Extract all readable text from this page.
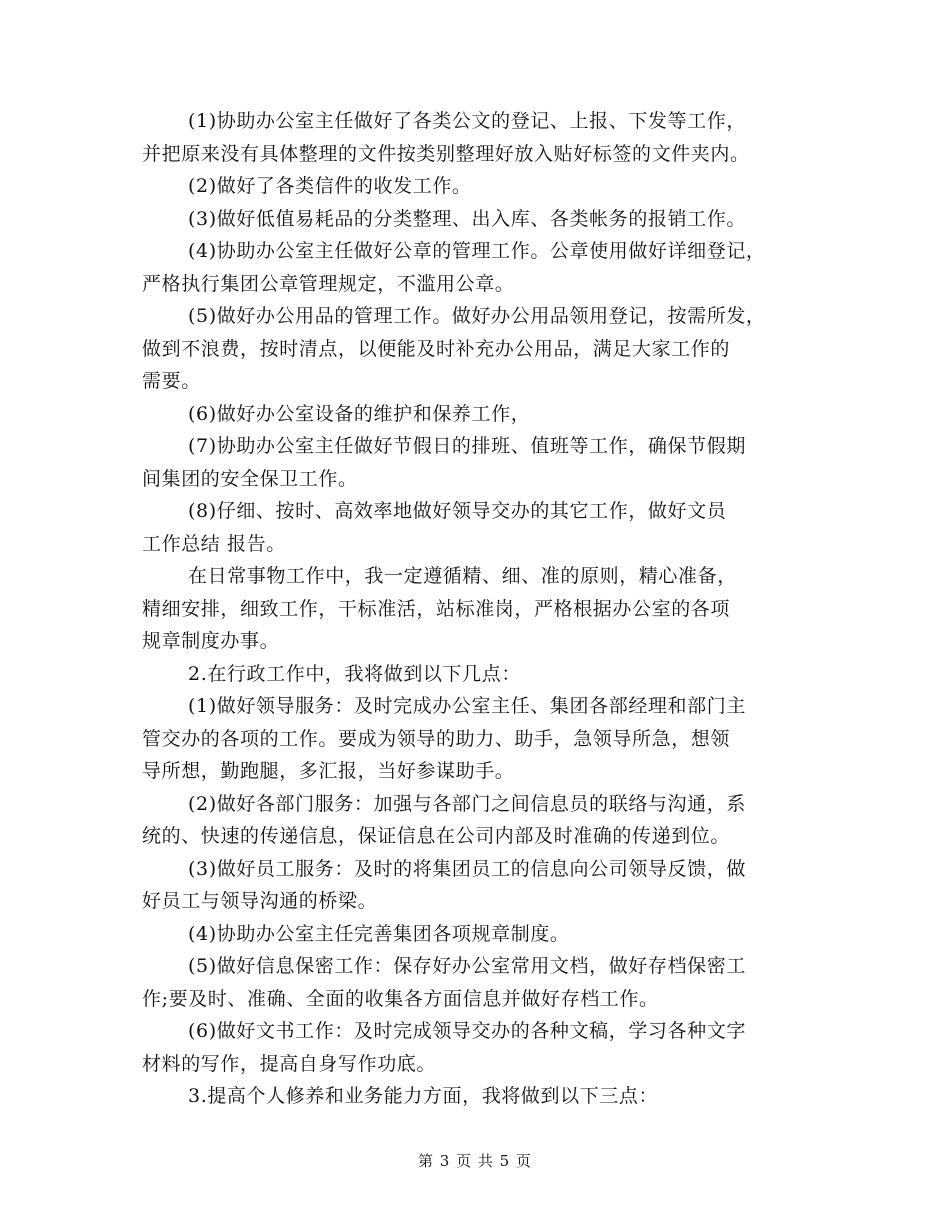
(1)协助办公室主任做好了各类公文的登记、上报、下发等工作，

并把原来没有具体整理的文件按类别整理好放入贴好标签的文件夹内。

(2)做好了各类信件的收发工作。

(3)做好低值易耗品的分类整理、出入库、各类帐务的报销工作。

(4)协助办公室主任做好公章的管理工作。公章使用做好详细登记，

严格执行集团公章管理规定，不滥用公章。

(5)做好办公用品的管理工作。做好办公用品领用登记，按需所发，

做到不浪费，按时清点，以便能及时补充办公用品，满足大家工作的

需要。

(6)做好办公室设备的维护和保养工作，

(7)协助办公室主任做好节假日的排班、值班等工作，确保节假期

间集团的安全保卫工作。

(8)仔细、按时、高效率地做好领导交办的其它工作，做好文员

工作总结 报告。

在日常事物工作中，我一定遵循精、细、准的原则，精心准备，

精细安排，细致工作，干标准活，站标准岗，严格根据办公室的各项

规章制度办事。

2.在行政工作中，我将做到以下几点：

(1)做好领导服务：及时完成办公室主任、集团各部经理和部门主

管交办的各项的工作。要成为领导的助力、助手，急领导所急，想领

导所想，勤跑腿，多汇报，当好参谋助手。

(2)做好各部门服务：加强与各部门之间信息员的联络与沟通，系

统的、快速的传递信息，保证信息在公司内部及时准确的传递到位。

(3)做好员工服务：及时的将集团员工的信息向公司领导反馈，做

好员工与领导沟通的桥梁。

(4)协助办公室主任完善集团各项规章制度。

(5)做好信息保密工作：保存好办公室常用文档，做好存档保密工

作;要及时、准确、全面的收集各方面信息并做好存档工作。

(6)做好文书工作：及时完成领导交办的各种文稿，学习各种文字

材料的写作，提高自身写作功底。

3.提高个人修养和业务能力方面，我将做到以下三点：

第 3 页 共 5 页
